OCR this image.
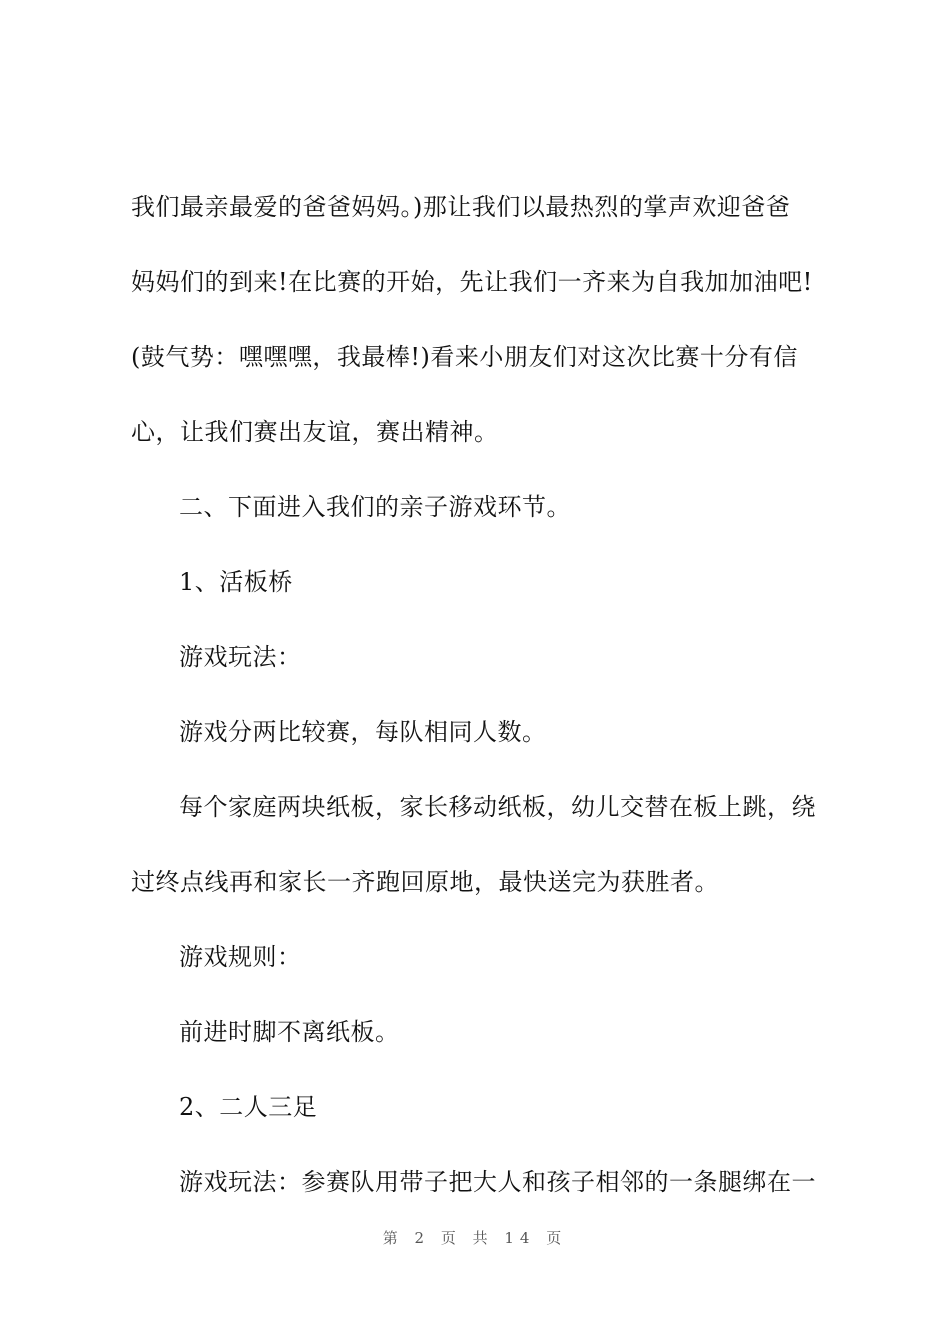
我们最亲最爱的爸爸妈妈。)那让我们以最热烈的掌声欢迎爸爸

妈妈们的到来!在比赛的开始，先让我们一齐来为自我加加油吧!

(鼓气势：嘿嘿嘿，我最棒!)看来小朋友们对这次比赛十分有信

心，让我们赛出友谊，赛出精神。

二、下面进入我们的亲子游戏环节。

1、活板桥

游戏玩法：

游戏分两比较赛，每队相同人数。

每个家庭两块纸板，家长移动纸板，幼儿交替在板上跳，绕

过终点线再和家长一齐跑回原地，最快送完为获胜者。

游戏规则：

前进时脚不离纸板。

2、二人三足

游戏玩法：参赛队用带子把大人和孩子相邻的一条腿绑在一

第 2 页 共 14 页
